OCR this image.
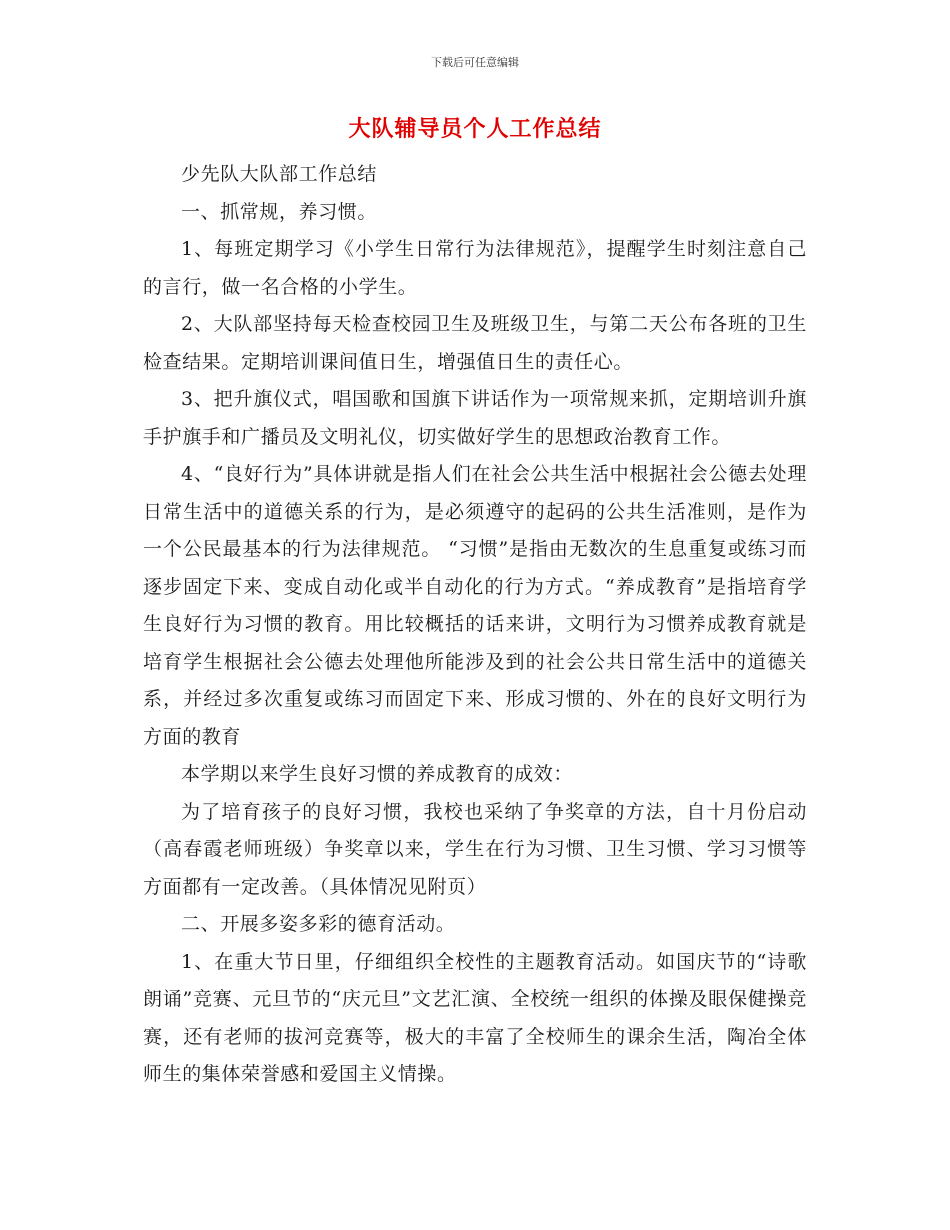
下载后可任意编辑
大队辅导员个人工作总结

少先队大队部工作总结

一、抓常规，养习惯。

1、每班定期学习《小学生日常行为法律规范》，提醒学生时刻注意自己的言行，做一名合格的小学生。

2、大队部坚持每天检查校园卫生及班级卫生，与第二天公布各班的卫生检查结果。定期培训课间值日生，增强值日生的责任心。

3、把升旗仪式，唱国歌和国旗下讲话作为一项常规来抓，定期培训升旗手护旗手和广播员及文明礼仪，切实做好学生的思想政治教育工作。

4、“良好行为”具体讲就是指人们在社会公共生活中根据社会公德去处理日常生活中的道德关系的行为，是必须遵守的起码的公共生活准则，是作为一个公民最基本的行为法律规范。 “习惯”是指由无数次的生息重复或练习而逐步固定下来、变成自动化或半自动化的行为方式。“养成教育”是指培育学生良好行为习惯的教育。用比较概括的话来讲，文明行为习惯养成教育就是培育学生根据社会公德去处理他所能涉及到的社会公共日常生活中的道德关系，并经过多次重复或练习而固定下来、形成习惯的、外在的良好文明行为方面的教育

本学期以来学生良好习惯的养成教育的成效：

为了培育孩子的良好习惯，我校也采纳了争奖章的方法，自十月份启动（高春霞老师班级）争奖章以来，学生在行为习惯、卫生习惯、学习习惯等方面都有一定改善。（具体情况见附页）

二、开展多姿多彩的德育活动。

1、在重大节日里，仔细组织全校性的主题教育活动。如国庆节的“诗歌朗诵”竞赛、元旦节的“庆元旦”文艺汇演、全校统一组织的体操及眼保健操竞赛，还有老师的拔河竞赛等，极大的丰富了全校师生的课余生活，陶冶全体师生的集体荣誉感和爱国主义情操。
